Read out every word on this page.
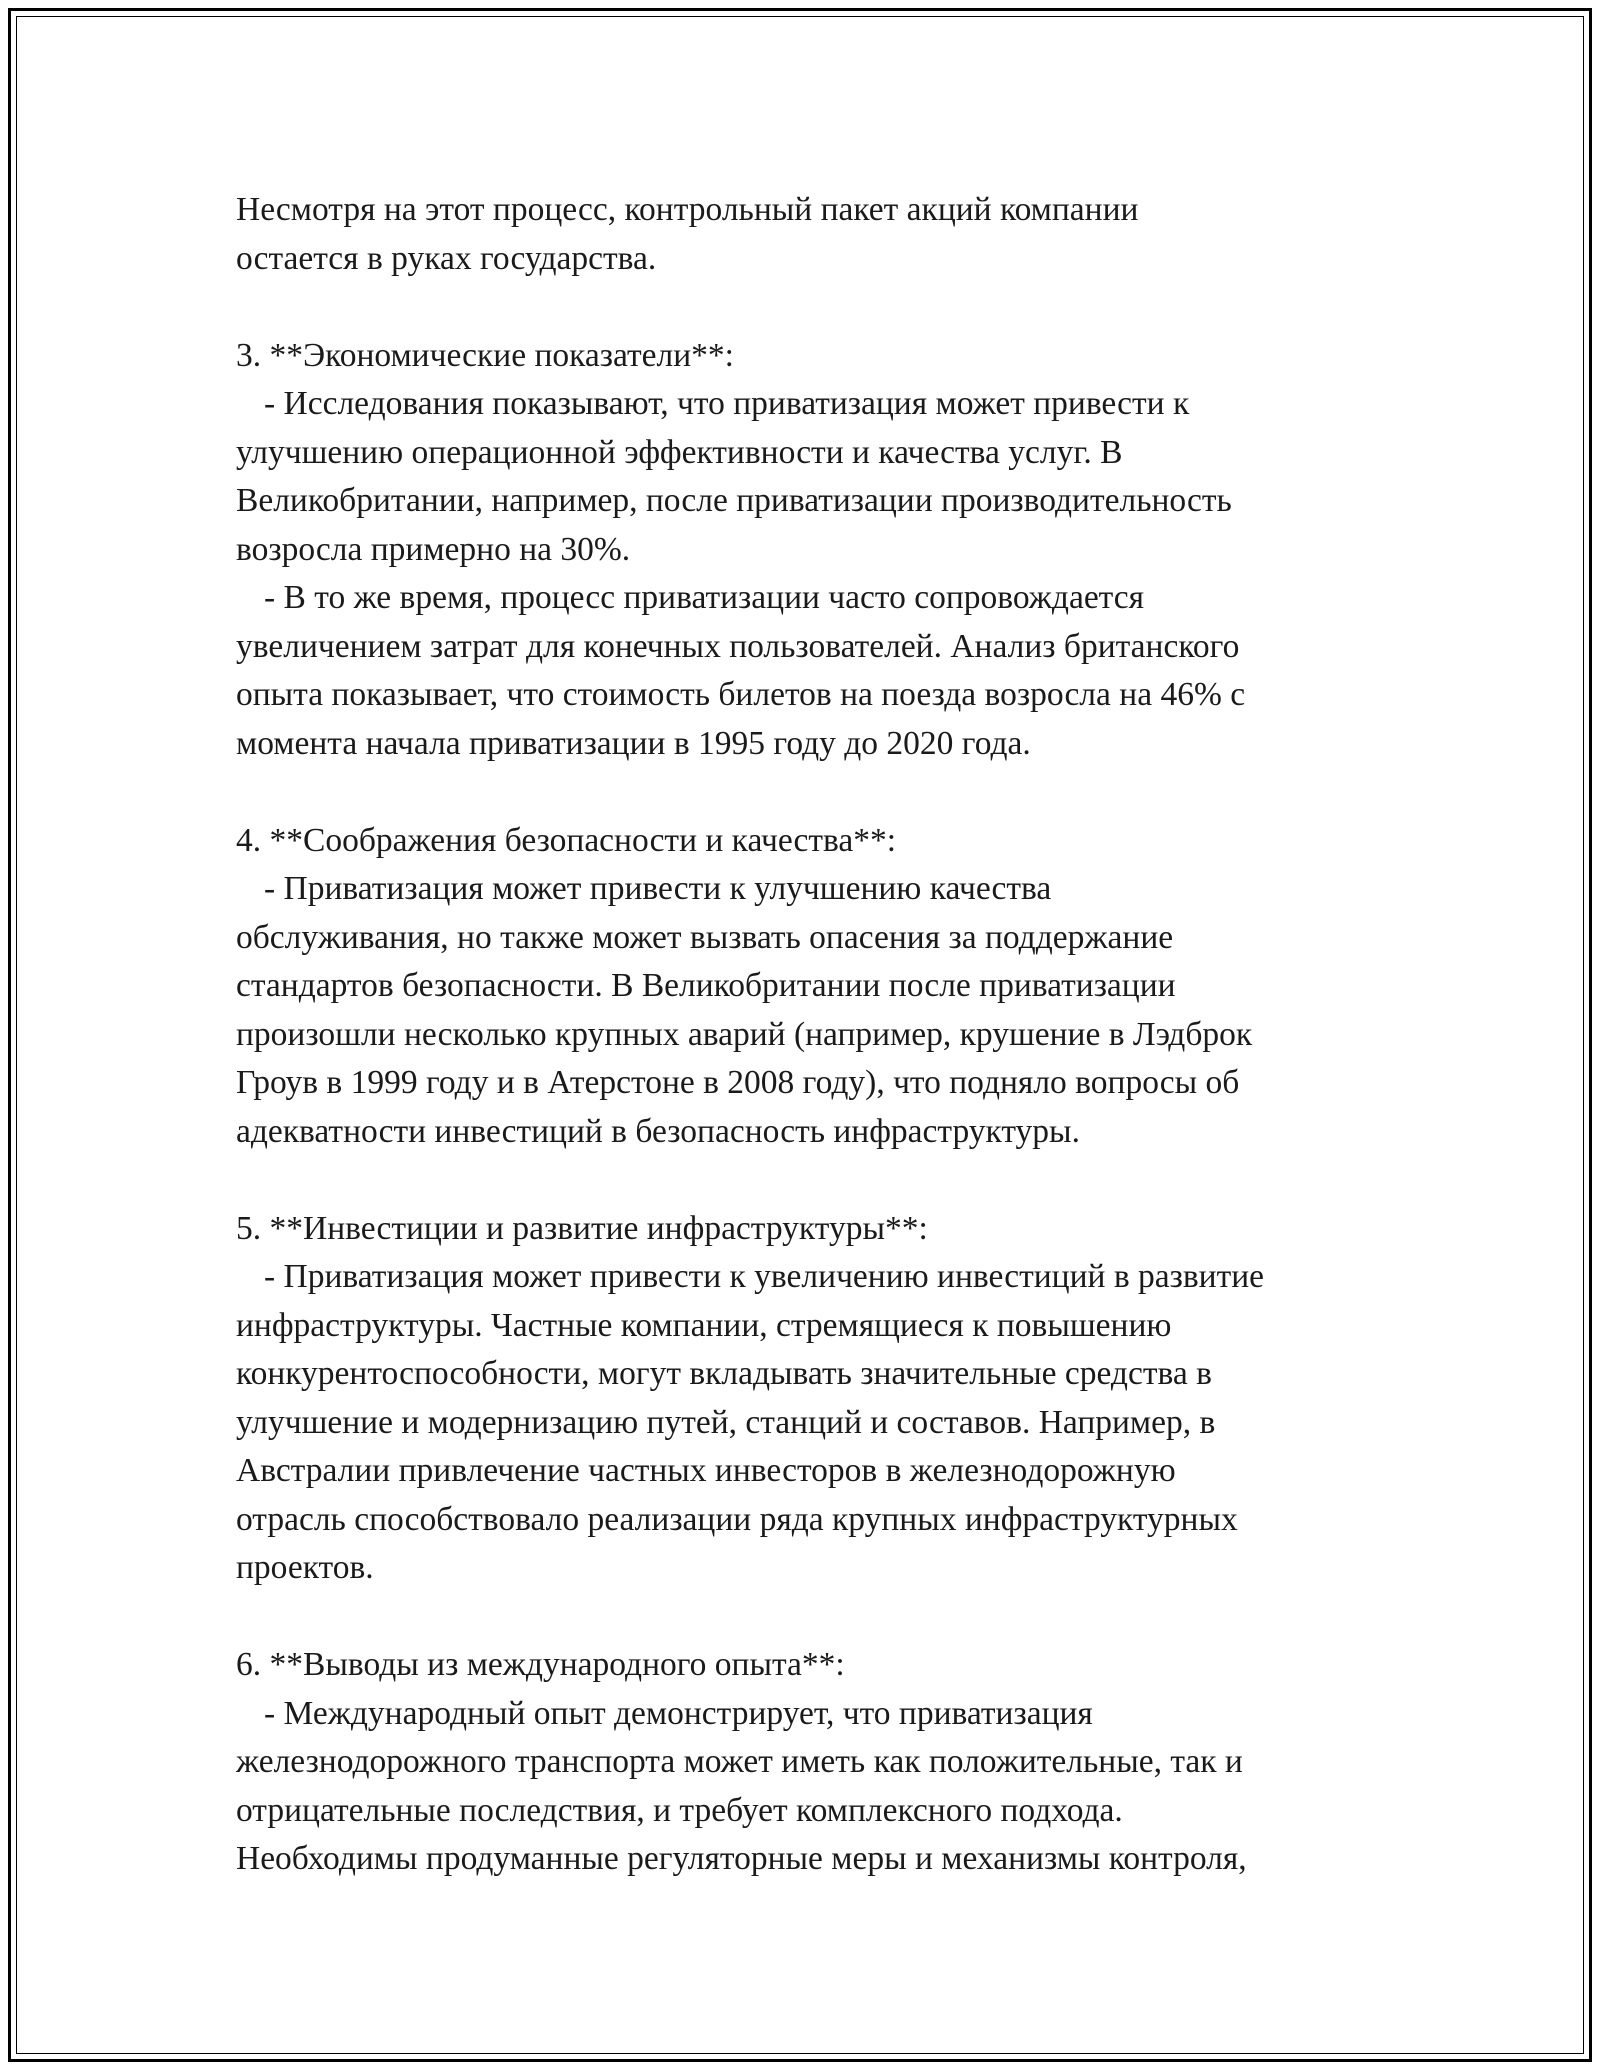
Несмотря на этот процесс, контрольный пакет акций компании
остается в руках государства.
3. **Экономические показатели**:
- Исследования показывают, что приватизация может привести к
улучшению операционной эффективности и качества услуг. В
Великобритании, например, после приватизации производительность
возросла примерно на 30%.
- В то же время, процесс приватизации часто сопровождается
увеличением затрат для конечных пользователей. Анализ британского
опыта показывает, что стоимость билетов на поезда возросла на 46% с
момента начала приватизации в 1995 году до 2020 года.
4. **Соображения безопасности и качества**:
- Приватизация может привести к улучшению качества
обслуживания, но также может вызвать опасения за поддержание
стандартов безопасности. В Великобритании после приватизации
произошли несколько крупных аварий (например, крушение в Лэдброк
Гроув в 1999 году и в Атерстоне в 2008 году), что подняло вопросы об
адекватности инвестиций в безопасность инфраструктуры.
5. **Инвестиции и развитие инфраструктуры**:
- Приватизация может привести к увеличению инвестиций в развитие
инфраструктуры. Частные компании, стремящиеся к повышению
конкурентоспособности, могут вкладывать значительные средства в
улучшение и модернизацию путей, станций и составов. Например, в
Австралии привлечение частных инвесторов в железнодорожную
отрасль способствовало реализации ряда крупных инфраструктурных
проектов.
6. **Выводы из международного опыта**:
- Международный опыт демонстрирует, что приватизация
железнодорожного транспорта может иметь как положительные, так и
отрицательные последствия, и требует комплексного подхода.
Необходимы продуманные регуляторные меры и механизмы контроля,
